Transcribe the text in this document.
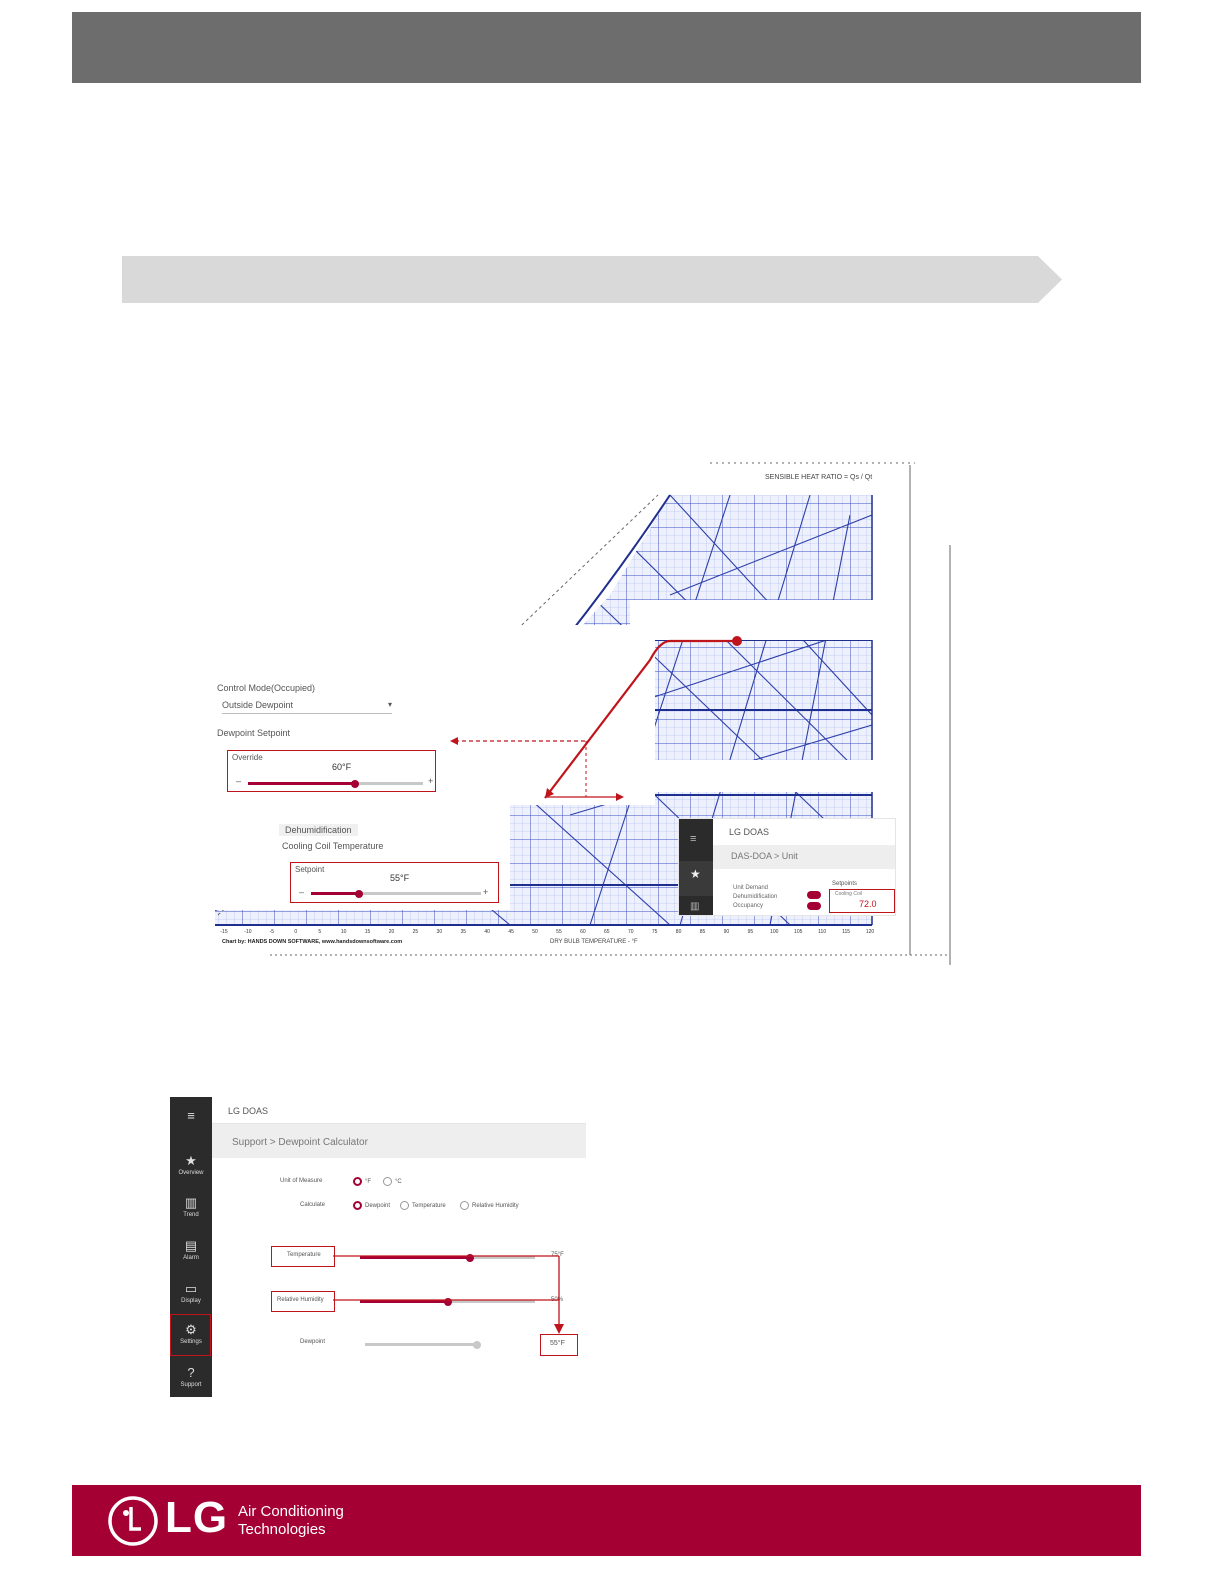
SENSIBLE HEAT RATIO = Qs / Qt
DRY BULB TEMPERATURE - °F
Chart by: HANDS DOWN SOFTWARE, www.handsdownsoftware.com
-15	-10	-5	0	5	10	15	20	25	30	35	40	45	50	55	60	65	70	75	80	85	90	95	100	105	110	115	120
Control Mode(Occupied)
Outside Dewpoint	▾
Dewpoint Setpoint
Override
60°F
–	+
Dehumidification
Cooling Coil Temperature
Setpoint
55°F
–	+
≡
★
▥
LG DOAS
DAS-DOA > Unit
Unit Demand
Dehumidification
Occupancy
Setpoints
Cooling Coil
72.0
LG DOAS
Support > Dewpoint Calculator
Unit of Measure	°F	°C
Calculate	Dewpoint	Temperature	Relative Humidity
Temperature	75°F
Relative Humidity	50%
Dewpoint	55°F
≡
★
Overview
▥
Trend
▤
Alarm
▭
Display
⚙
Settings
?
Support
LG Air Conditioning
Technologies
